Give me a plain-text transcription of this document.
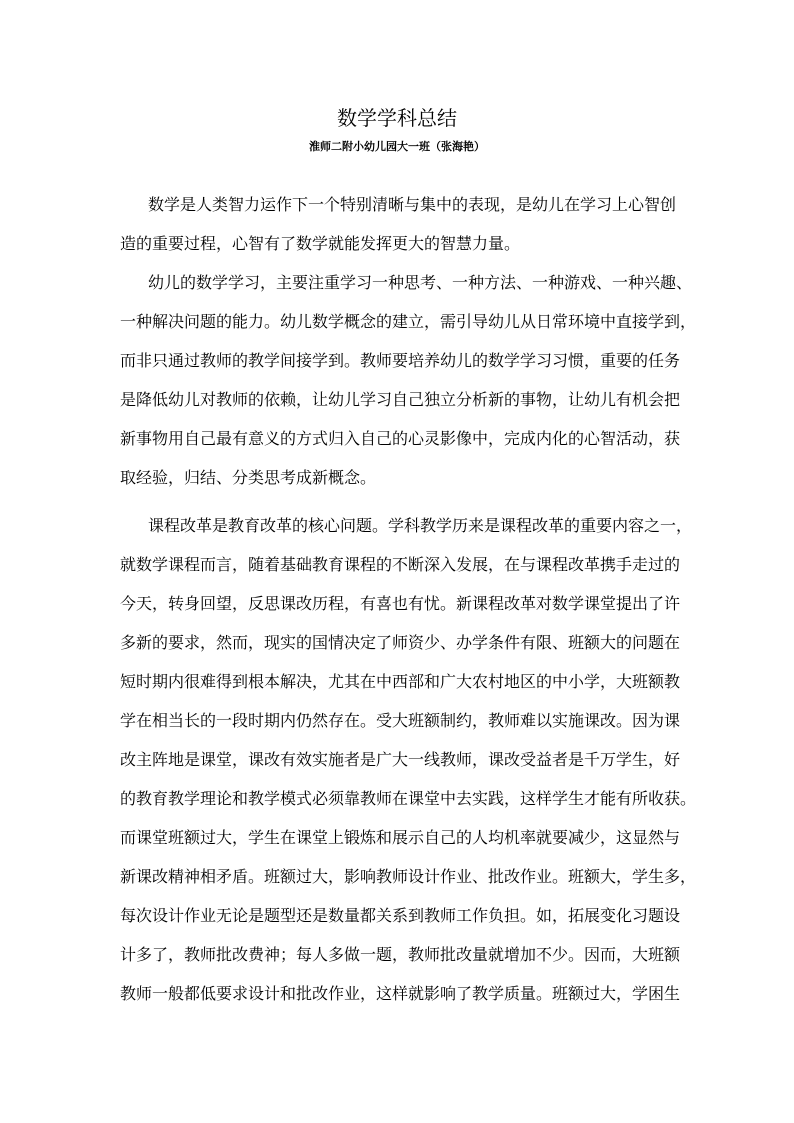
数学学科总结
淮师二附小幼儿园大一班（张海艳）
数学是人类智力运作下一个特别清晰与集中的表现，是幼儿在学习上心智创
造的重要过程，心智有了数学就能发挥更大的智慧力量。
幼儿的数学学习，主要注重学习一种思考、一种方法、一种游戏、一种兴趣、
一种解决问题的能力。幼儿数学概念的建立，需引导幼儿从日常环境中直接学到，
而非只通过教师的教学间接学到。教师要培养幼儿的数学学习习惯，重要的任务
是降低幼儿对教师的依赖，让幼儿学习自己独立分析新的事物，让幼儿有机会把
新事物用自己最有意义的方式归入自己的心灵影像中，完成内化的心智活动，获
取经验，归结、分类思考成新概念。
课程改革是教育改革的核心问题。学科教学历来是课程改革的重要内容之一，
就数学课程而言，随着基础教育课程的不断深入发展，在与课程改革携手走过的
今天，转身回望，反思课改历程，有喜也有忧。新课程改革对数学课堂提出了许
多新的要求，然而，现实的国情决定了师资少、办学条件有限、班额大的问题在
短时期内很难得到根本解决，尤其在中西部和广大农村地区的中小学，大班额教
学在相当长的一段时期内仍然存在。受大班额制约，教师难以实施课改。因为课
改主阵地是课堂，课改有效实施者是广大一线教师，课改受益者是千万学生，好
的教育教学理论和教学模式必须靠教师在课堂中去实践，这样学生才能有所收获。
而课堂班额过大，学生在课堂上锻炼和展示自己的人均机率就要减少，这显然与
新课改精神相矛盾。班额过大，影响教师设计作业、批改作业。班额大，学生多，
每次设计作业无论是题型还是数量都关系到教师工作负担。如，拓展变化习题设
计多了，教师批改费神；每人多做一题，教师批改量就增加不少。因而，大班额
教师一般都低要求设计和批改作业，这样就影响了教学质量。班额过大，学困生
